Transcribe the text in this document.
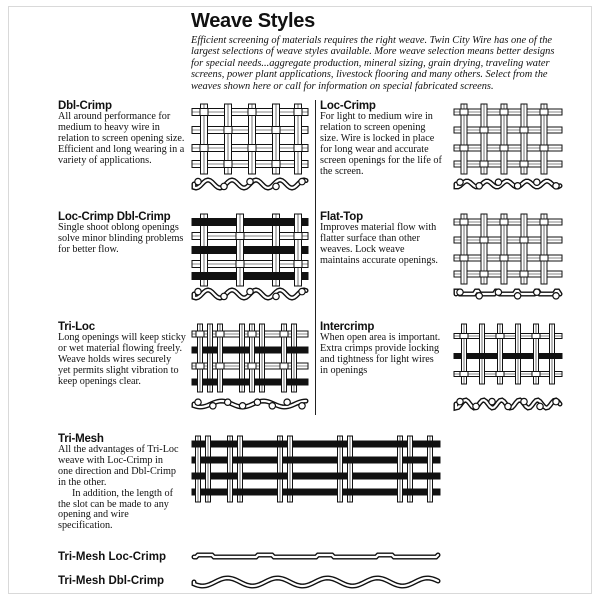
Weave Styles
Efficient screening of materials requires the right weave. Twin City Wire has one of the largest selections of weave styles available. More weave selection means better designs for special needs...aggregate production, mineral sizing, grain drying, traveling water screens, power plant applications, livestock flooring and many others. Select from the weaves shown here or call for information on special fabricated screens.
Dbl-Crimp

All around performance for medium to heavy wire in relation to screen opening size. Efficient and long wearing in a variety of applications.

Loc-Crimp Dbl-Crimp

Single shoot oblong openings solve minor blinding problems for better flow.

Tri-Loc

Long openings will keep sticky or wet material flowing freely. Weave holds wires securely yet permits slight vibration to keep openings clear.

Tri-Mesh

All the advantages of Tri-Loc weave with Loc-Crimp in one direction and Dbl-Crimp in the other.

In addition, the length of the slot can be made to any opening and wire specification.

Loc-Crimp

For light to medium wire in relation to screen opening size. Wire is locked in place for long wear and accurate screen openings for the life of the screen.

Flat-Top

Improves material flow with flatter surface than other weaves. Lock weave maintains accurate openings.

Intercrimp

When open area is important. Extra crimps provide locking and tightness for light wires in openings

Tri-Mesh Loc-Crimp
Tri-Mesh Dbl-Crimp
